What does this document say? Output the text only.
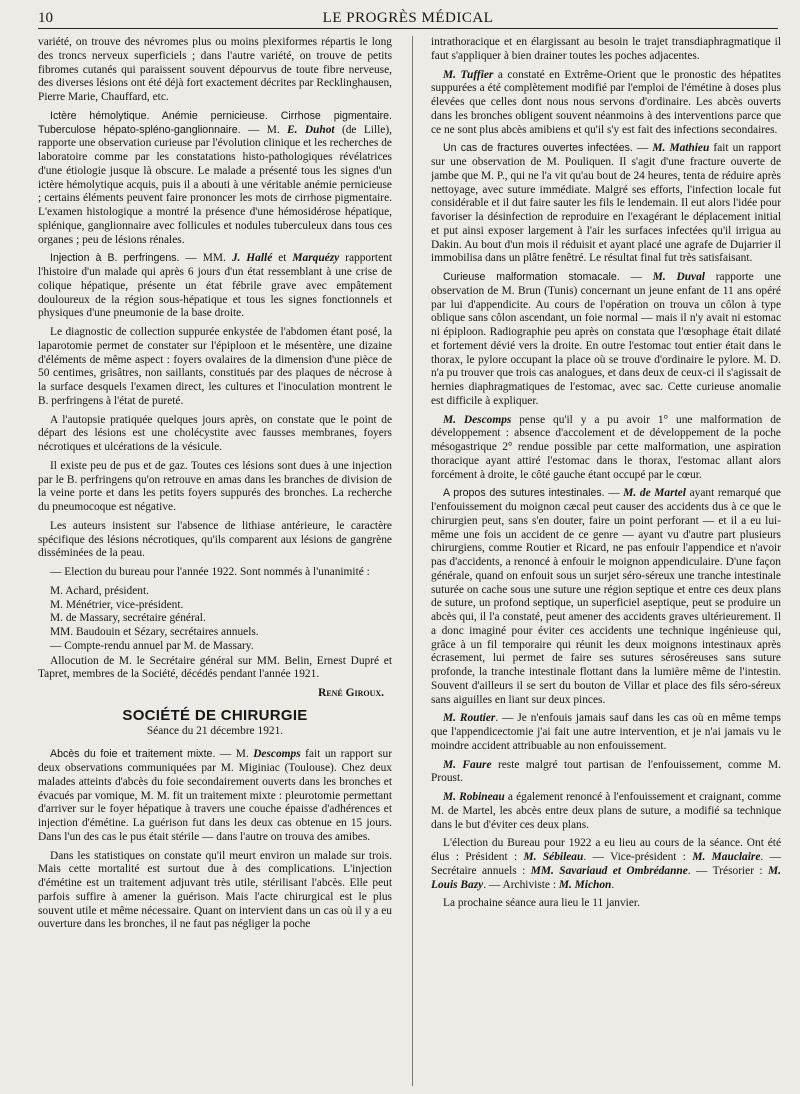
10	LE PROGRÈS MÉDICAL

variété, on trouve des névromes plus ou moins plexiformes répartis le long des troncs nerveux superficiels ; dans l'autre variété, on trouve de petits fibromes cutanés qui paraissent souvent dépourvus de toute fibre nerveuse, des diverses lésions ont été déjà fort exactement décrites par Recklinghausen, Pierre Marie, Chauffard, etc.

Ictère hémolytique. Anémie pernicieuse. Cirrhose pigmentaire. Tuberculose hépato-spléno-ganglionnaire. — M. E. Duhot (de Lille), rapporte une observation curieuse par l'évolution clinique et les recherches de laboratoire comme par les constatations histo-pathologiques révélatrices d'une étiologie jusque là obscure. Le malade a présenté tous les signes d'un ictère hémolytique acquis, puis il a abouti à une véritable anémie pernicieuse ; certains éléments peuvent faire prononcer les mots de cirrhose pigmentaire. L'examen histologique a montré la présence d'une hémosidérose hépatique, splénique, ganglionnaire avec follicules et nodules tuberculeux dans tous ces organes ; peu de lésions rénales.

Injection à B. perfringens. — MM. J. Hallé et Marquézy rapportent l'histoire d'un malade qui après 6 jours d'un état ressemblant à une crise de colique hépatique, présente un état fébrile grave avec empâtement douloureux de la région sous-hépatique et tous les signes fonctionnels et physiques d'une pneumonie de la base droite.

Le diagnostic de collection suppurée enkystée de l'abdomen étant posé, la laparotomie permet de constater sur l'épiploon et le mésentère, une dizaine d'éléments de même aspect : foyers ovalaires de la dimension d'une pièce de 50 centimes, grisâtres, non saillants, constitués par des plaques de nécrose à la surface desquels l'examen direct, les cultures et l'inoculation montrent le B. perfringens à l'état de pureté.

A l'autopsie pratiquée quelques jours après, on constate que le point de départ des lésions est une cholécystite avec fausses membranes, foyers nécrotiques et ulcérations de la vésicule.

Il existe peu de pus et de gaz. Toutes ces lésions sont dues à une injection par le B. perfringens qu'on retrouve en amas dans les branches de division de la veine porte et dans les petits foyers suppurés des bronches. La recherche du pneumocoque est négative.

Les auteurs insistent sur l'absence de lithiase antérieure, le caractère spécifique des lésions nécrotiques, qu'ils comparent aux lésions de gangrène disséminées de la peau.

— Election du bureau pour l'année 1922. Sont nommés à l'unanimité :

M. Achard, président.
M. Ménétrier, vice-président.
M. de Massary, secrétaire général.
MM. Baudouin et Sézary, secrétaires annuels.
— Compte-rendu annuel par M. de Massary.

Allocution de M. le Secrétaire général sur MM. Belin, Ernest Dupré et Tapret, membres de la Société, décédés pendant l'année 1921.

René Giroux.
SOCIÉTÉ DE CHIRURGIE
Séance du 21 décembre 1921.

Abcès du foie et traitement mixte. — M. Descomps fait un rapport sur deux observations communiquées par M. Miginiac (Toulouse). Chez deux malades atteints d'abcès du foie secondairement ouverts dans les bronches et évacués par vomique, M. M. fit un traitement mixte : pleurotomie permettant d'arriver sur le foyer hépatique à travers une couche épaisse d'adhérences et injection d'émétine. La guérison fut dans les deux cas obtenue en 15 jours. Dans l'un des cas le pus était stérile — dans l'autre on trouva des amibes.

Dans les statistiques on constate qu'il meurt environ un malade sur trois. Mais cette mortalité est surtout due à des complications. L'injection d'émétine est un traitement adjuvant très utile, stérilisant l'abcès. Elle peut parfois suffire à amener la guérison. Mais l'acte chirurgical est le plus souvent utile et même nécessaire. Quant on intervient dans un cas où il y a eu ouverture dans les bronches, il ne faut pas négliger la poche

intrathoracique et en élargissant au besoin le trajet transdiaphragmatique il faut s'appliquer à bien drainer toutes les poches adjacentes.

M. Tuffier a constaté en Extrême-Orient que le pronostic des hépatites suppurées a été complètement modifié par l'emploi de l'émétine à doses plus élevées que celles dont nous nous servons d'ordinaire. Les abcès ouverts dans les bronches obligent souvent néanmoins à des interventions parce que ce ne sont plus abcès amibiens et qu'il s'y est fait des infections secondaires.

Un cas de fractures ouvertes infectées. — M. Mathieu fait un rapport sur une observation de M. Pouliquen. Il s'agit d'une fracture ouverte de jambe que M. P., qui ne l'a vit qu'au bout de 24 heures, tenta de réduire après nettoyage, avec suture immédiate. Malgré ses efforts, l'infection locale fut considérable et il dut faire sauter les fils le lendemain. Il eut alors l'idée pour favoriser la désinfection de reproduire en l'exagérant le déplacement initial et put ainsi exposer largement à l'air les surfaces infectées qu'il irrigua au Dakin. Au bout d'un mois il réduisit et ayant placé une agrafe de Dujarrier il immobilisa dans un plâtre fenêtré. Le résultat final fut très satisfaisant.

Curieuse malformation stomacale. — M. Duval rapporte une observation de M. Brun (Tunis) concernant un jeune enfant de 11 ans opéré par lui d'appendicite. Au cours de l'opération on trouva un côlon à type oblique sans côlon ascendant, un foie normal — mais il n'y avait ni estomac ni épiploon. Radiographie peu après on constata que l'œsophage était dilaté et fortement dévié vers la droite. En outre l'estomac tout entier était dans le thorax, le pylore occupant la place où se trouve d'ordinaire le pylore. M. D. n'a pu trouver que trois cas analogues, et dans deux de ceux-ci il s'agissait de hernies diaphragmatiques de l'estomac, avec sac. Cette curieuse anomalie est difficile à expliquer.

M. Descomps pense qu'il y a pu avoir 1° une malformation de développement : absence d'accolement et de développement de la poche mésogastrique 2° rendue possible par cette malformation, une aspiration thoracique ayant attiré l'estomac dans le thorax, l'estomac allant alors forcément à droite, le côté gauche étant occupé par le cœur.

A propos des sutures intestinales. — M. de Martel ayant remarqué que l'enfouissement du moignon cæcal peut causer des accidents dus à ce que le chirurgien peut, sans s'en douter, faire un point perforant — et il a eu lui-même une fois un accident de ce genre — ayant vu d'autre part plusieurs chirurgiens, comme Routier et Ricard, ne pas enfouir l'appendice et n'avoir pas d'accidents, a renoncé à enfouir le moignon appendiculaire. D'une façon générale, quand on enfouit sous un surjet séro-séreux une tranche intestinale suturée on cache sous une suture une région septique et entre ces deux plans de suture, un profond septique, un superficiel aseptique, peut se produire un abcès qui, il l'a constaté, peut amener des accidents graves ultérieurement. Il a donc imaginé pour éviter ces accidents une technique ingénieuse qui, grâce à un fil temporaire qui réunit les deux moignons intestinaux après écrasement, lui permet de faire ses sutures séroséreuses sans suture profonde, la tranche intestinale flottant dans la lumière même de l'intestin. Souvent d'ailleurs il se sert du bouton de Villar et place des fils séro-séreux sans aiguilles en liant sur deux pinces.

M. Routier. — Je n'enfouis jamais sauf dans les cas où en même temps que l'appendicectomie j'ai fait une autre intervention, et je n'ai jamais vu le moindre accident attribuable au non enfouissement.

M. Faure reste malgré tout partisan de l'enfouissement, comme M. Proust.

M. Robineau a également renoncé à l'enfouissement et craignant, comme M. de Martel, les abcès entre deux plans de suture, a modifié sa technique dans le but d'éviter ces deux plans.

L'élection du Bureau pour 1922 a eu lieu au cours de la séance. Ont été élus : Président : M. Sébileau. — Vice-président : M. Mauclaire. — Secrétaire annuels : MM. Savariaud et Ombrédanne. — Trésorier : M. Louis Bazy. — Archiviste : M. Michon.

La prochaine séance aura lieu le 11 janvier.
